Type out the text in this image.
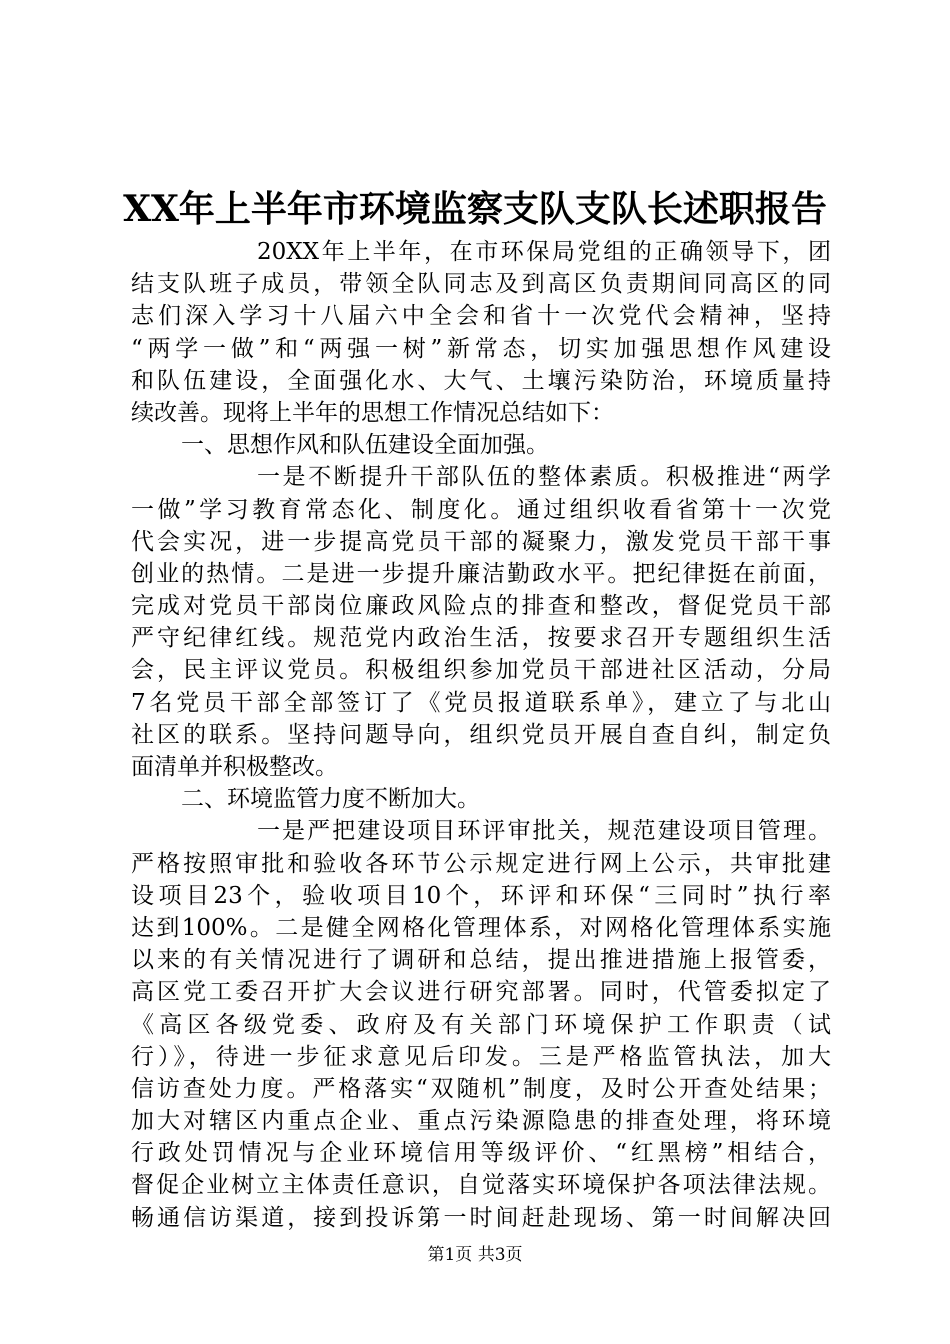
XX年上半年市环境监察支队支队长述职报告
20XX年上半年，在市环保局党组的正确领导下，团
结支队班子成员，带领全队同志及到高区负责期间同高区的同
志们深入学习十八届六中全会和省十一次党代会精神，坚持
“两学一做”和“两强一树”新常态，切实加强思想作风建设
和队伍建设，全面强化水、大气、土壤污染防治，环境质量持
续改善。现将上半年的思想工作情况总结如下：
一、思想作风和队伍建设全面加强。
一是不断提升干部队伍的整体素质。积极推进“两学
一做”学习教育常态化、制度化。通过组织收看省第十一次党
代会实况，进一步提高党员干部的凝聚力，激发党员干部干事
创业的热情。二是进一步提升廉洁勤政水平。把纪律挺在前面，
完成对党员干部岗位廉政风险点的排查和整改，督促党员干部
严守纪律红线。规范党内政治生活，按要求召开专题组织生活
会，民主评议党员。积极组织参加党员干部进社区活动，分局
7名党员干部全部签订了《党员报道联系单》，建立了与北山
社区的联系。坚持问题导向，组织党员开展自查自纠，制定负
面清单并积极整改。
二、环境监管力度不断加大。
一是严把建设项目环评审批关，规范建设项目管理。
严格按照审批和验收各环节公示规定进行网上公示，共审批建
设项目23个，验收项目10个，环评和环保“三同时”执行率
达到100%。二是健全网格化管理体系，对网格化管理体系实施
以来的有关情况进行了调研和总结，提出推进措施上报管委，
高区党工委召开扩大会议进行研究部署。同时，代管委拟定了
《高区各级党委、政府及有关部门环境保护工作职责（试
行）》，待进一步征求意见后印发。三是严格监管执法，加大
信访查处力度。严格落实“双随机”制度，及时公开查处结果；
加大对辖区内重点企业、重点污染源隐患的排查处理，将环境
行政处罚情况与企业环境信用等级评价、“红黑榜”相结合，
督促企业树立主体责任意识，自觉落实环境保护各项法律法规。
畅通信访渠道，接到投诉第一时间赶赴现场、第一时间解决回
第1页 共3页
